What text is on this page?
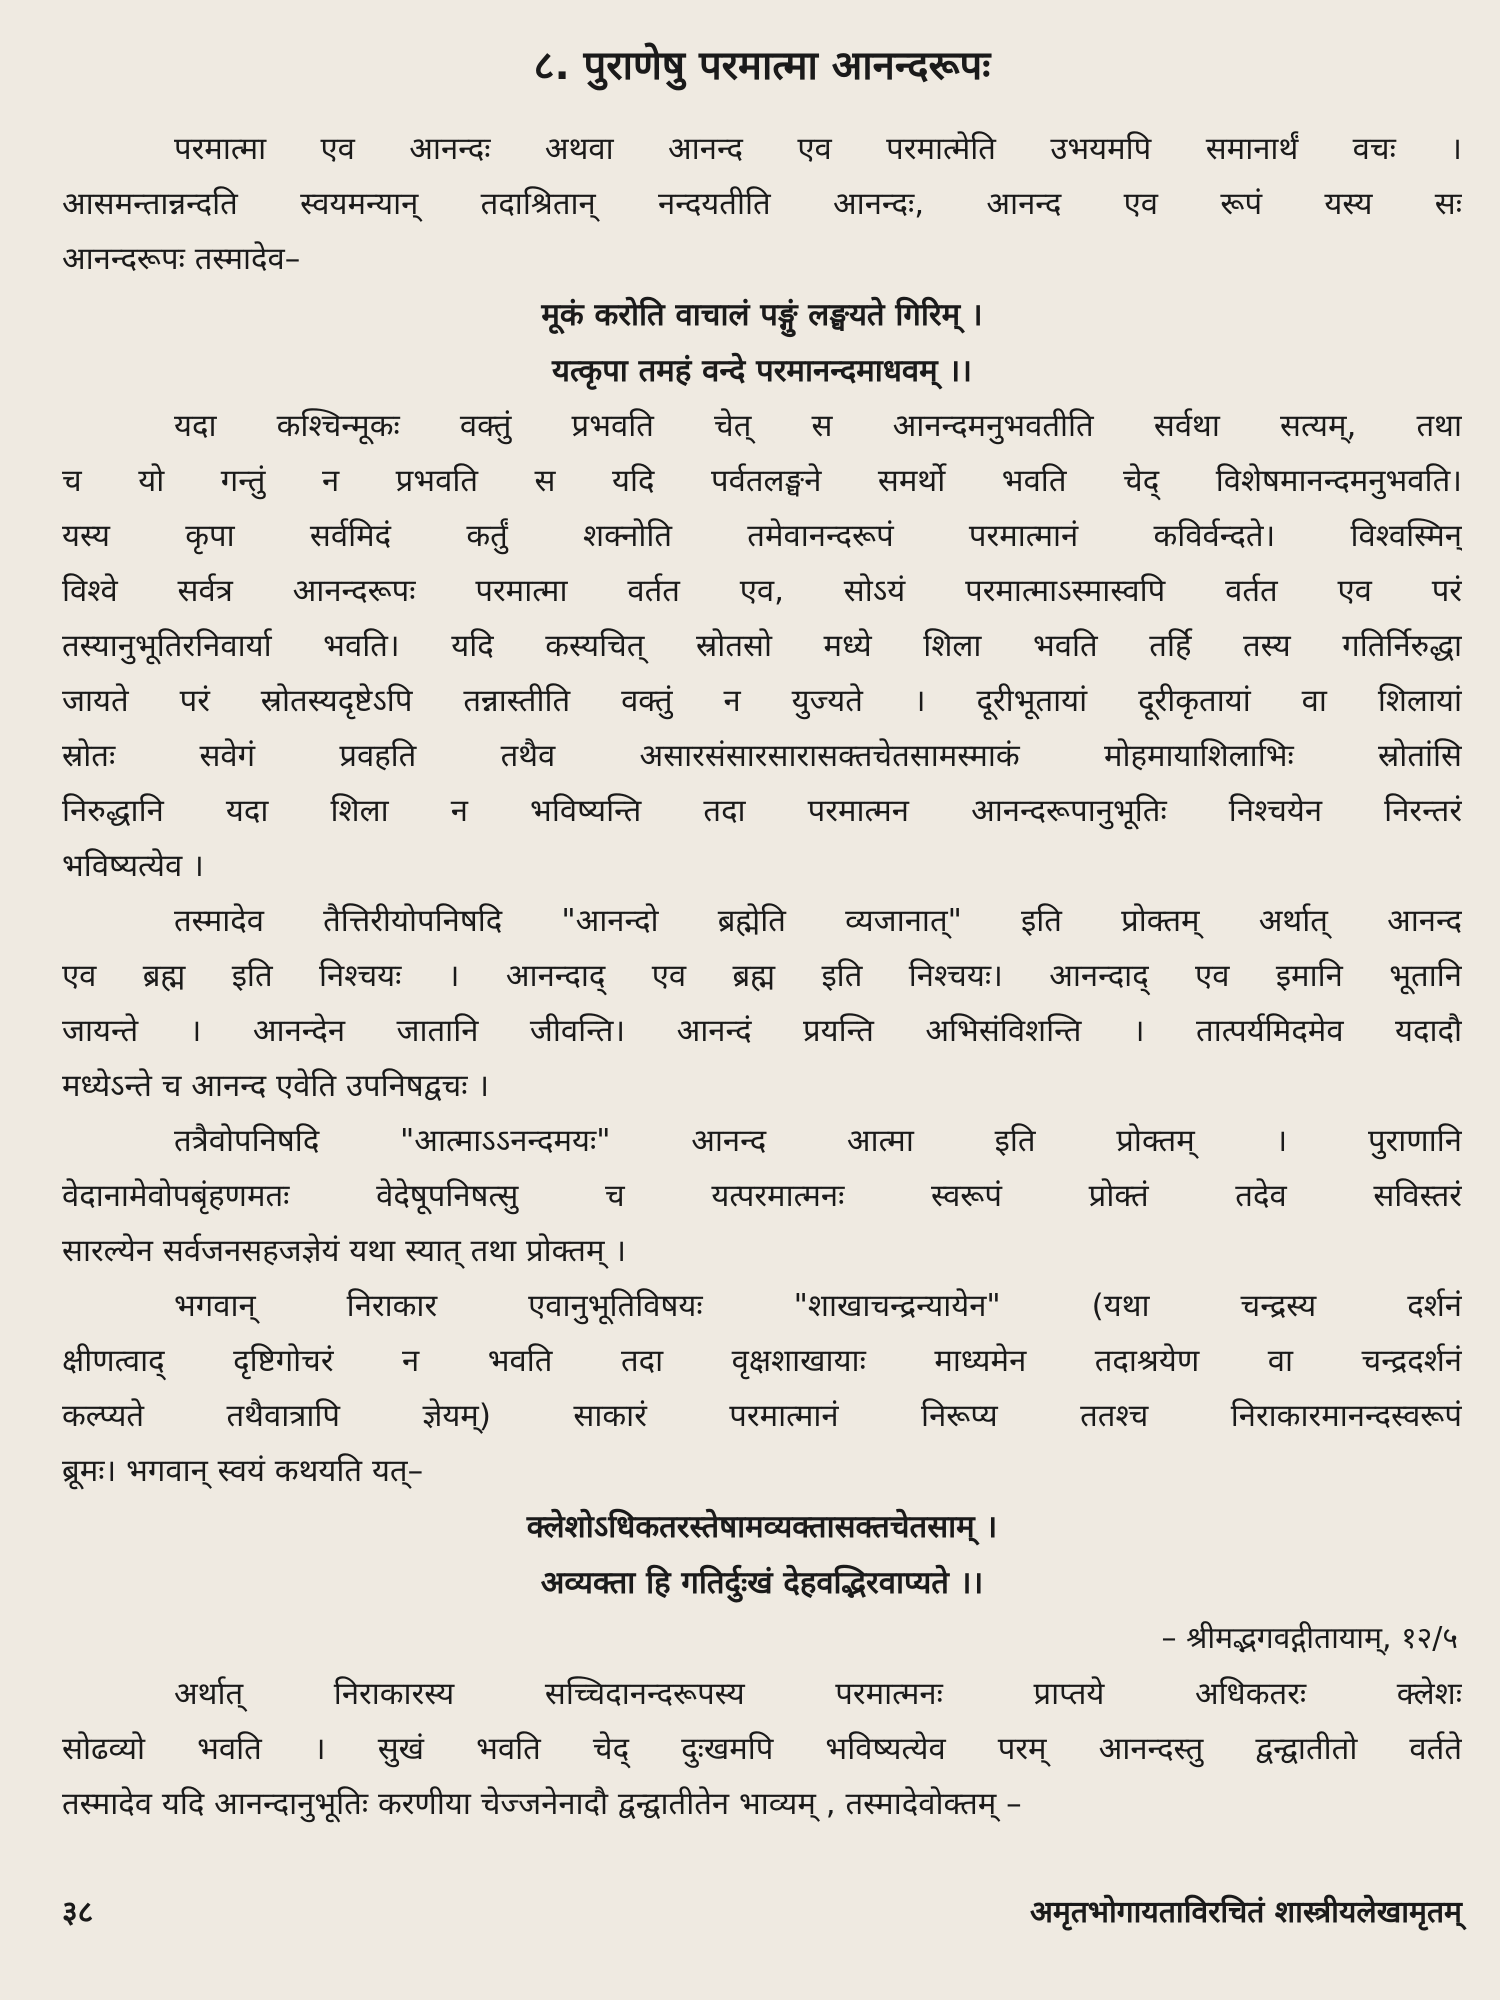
८. पुराणेषु परमात्मा आनन्दरूपः

परमात्मा एव आनन्दः अथवा आनन्द एव परमात्मेति उभयमपि समानार्थं वचः ।
आसमन्तान्नन्दति स्वयमन्यान् तदाश्रितान् नन्दयतीति आनन्दः, आनन्द एव रूपं यस्य सः
आनन्दरूपः तस्मादेव–

मूकं करोति वाचालं पङ्गुं लङ्घयते गिरिम् ।
यत्कृपा तमहं वन्दे परमानन्दमाधवम् ।।

यदा कश्चिन्मूकः वक्तुं प्रभवति चेत् स आनन्दमनुभवतीति सर्वथा सत्यम्, तथा
च यो गन्तुं न प्रभवति स यदि पर्वतलङ्घने समर्थो भवति चेद् विशेषमानन्दमनुभवति।
यस्य कृपा सर्वमिदं कर्तुं शक्नोति तमेवानन्दरूपं परमात्मानं कविर्वन्दते। विश्वस्मिन्
विश्वे सर्वत्र आनन्दरूपः परमात्मा वर्तत एव, सोऽयं परमात्माऽस्मास्वपि वर्तत एव परं
तस्यानुभूतिरनिवार्या भवति। यदि कस्यचित् स्रोतसो मध्ये शिला भवति तर्हि तस्य गतिर्निरुद्धा
जायते परं स्रोतस्यदृष्टेऽपि तन्नास्तीति वक्तुं न युज्यते । दूरीभूतायां दूरीकृतायां वा शिलायां
स्रोतः सवेगं प्रवहति तथैव असारसंसारसारासक्तचेतसामस्माकं मोहमायाशिलाभिः स्रोतांसि
निरुद्धानि यदा शिला न भविष्यन्ति तदा परमात्मन आनन्दरूपानुभूतिः निश्चयेन निरन्तरं
भविष्यत्येव ।

तस्मादेव तैत्तिरीयोपनिषदि "आनन्दो ब्रह्मेति व्यजानात्" इति प्रोक्तम् अर्थात् आनन्द
एव ब्रह्म इति निश्चयः । आनन्दाद् एव ब्रह्म इति निश्चयः। आनन्दाद् एव इमानि भूतानि
जायन्ते । आनन्देन जातानि जीवन्ति। आनन्दं प्रयन्ति अभिसंविशन्ति । तात्पर्यमिदमेव यदादौ
मध्येऽन्ते च आनन्द एवेति उपनिषद्वचः ।

तत्रैवोपनिषदि "आत्माऽऽनन्दमयः" आनन्द आत्मा इति प्रोक्तम् । पुराणानि
वेदानामेवोपबृंहणमतः वेदेषूपनिषत्सु च यत्परमात्मनः स्वरूपं प्रोक्तं तदेव सविस्तरं
सारल्येन सर्वजनसहजज्ञेयं यथा स्यात् तथा प्रोक्तम् ।

भगवान् निराकार एवानुभूतिविषयः "शाखाचन्द्रन्यायेन" (यथा चन्द्रस्य दर्शनं
क्षीणत्वाद् दृष्टिगोचरं न भवति तदा वृक्षशाखायाः माध्यमेन तदाश्रयेण वा चन्द्रदर्शनं
कल्प्यते तथैवात्रापि ज्ञेयम्) साकारं परमात्मानं निरूप्य ततश्च निराकारमानन्दस्वरूपं
ब्रूमः। भगवान् स्वयं कथयति यत्–

क्लेशोऽधिकतरस्तेषामव्यक्तासक्तचेतसाम् ।
अव्यक्ता हि गतिर्दुःखं देहवद्भिरवाप्यते ।।

– श्रीमद्भगवद्गीतायाम्, १२/५

अर्थात् निराकारस्य सच्चिदानन्दरूपस्य परमात्मनः प्राप्तये अधिकतरः क्लेशः
सोढव्यो भवति । सुखं भवति चेद् दुःखमपि भविष्यत्येव परम् आनन्दस्तु द्वन्द्वातीतो वर्तते
तस्मादेव यदि आनन्दानुभूतिः करणीया चेज्जनेनादौ द्वन्द्वातीतेन भाव्यम् , तस्मादेवोक्तम् –

३८	अमृतभोगायताविरचितं शास्त्रीयलेखामृतम्
